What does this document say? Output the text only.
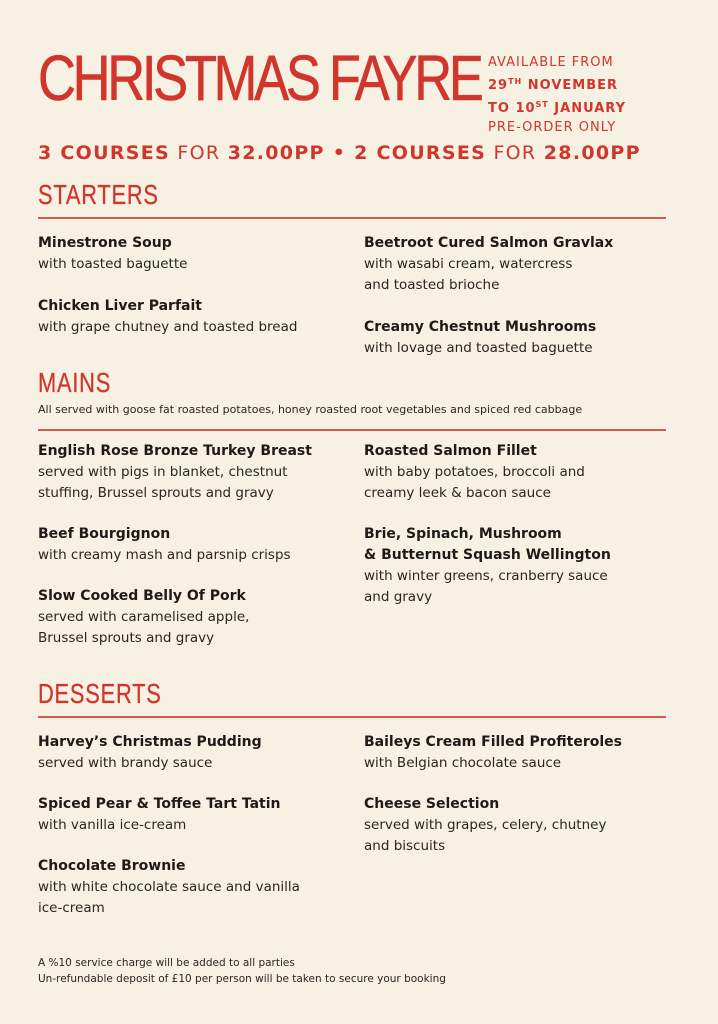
CHRISTMAS FAYRE AVAILABLE FROM
29TH NOVEMBER
TO 10ST JANUARY
PRE-ORDER ONLY
3 COURSES FOR 32.00PP • 2 COURSES FOR 28.00PP
STARTERS
Minestrone Soup
with toasted baguette
Chicken Liver Parfait
with grape chutney and toasted bread
Beetroot Cured Salmon Gravlax
with wasabi cream, watercress
and toasted brioche
Creamy Chestnut Mushrooms
with lovage and toasted baguette
MAINS
All served with goose fat roasted potatoes, honey roasted root vegetables and spiced red cabbage
English Rose Bronze Turkey Breast
served with pigs in blanket, chestnut
stuffing, Brussel sprouts and gravy
Beef Bourgignon
with creamy mash and parsnip crisps
Slow Cooked Belly Of Pork
served with caramelised apple,
Brussel sprouts and gravy
Roasted Salmon Fillet
with baby potatoes, broccoli and
creamy leek & bacon sauce
Brie, Spinach, Mushroom
& Butternut Squash Wellington
with winter greens, cranberry sauce
and gravy
DESSERTS
Harvey’s Christmas Pudding
served with brandy sauce
Spiced Pear & Toffee Tart Tatin
with vanilla ice-cream
Chocolate Brownie
with white chocolate sauce and vanilla
ice-cream
Baileys Cream Filled Profiteroles
with Belgian chocolate sauce
Cheese Selection
served with grapes, celery, chutney
and biscuits
A %10 service charge will be added to all parties
Un-refundable deposit of £10 per person will be taken to secure your booking
